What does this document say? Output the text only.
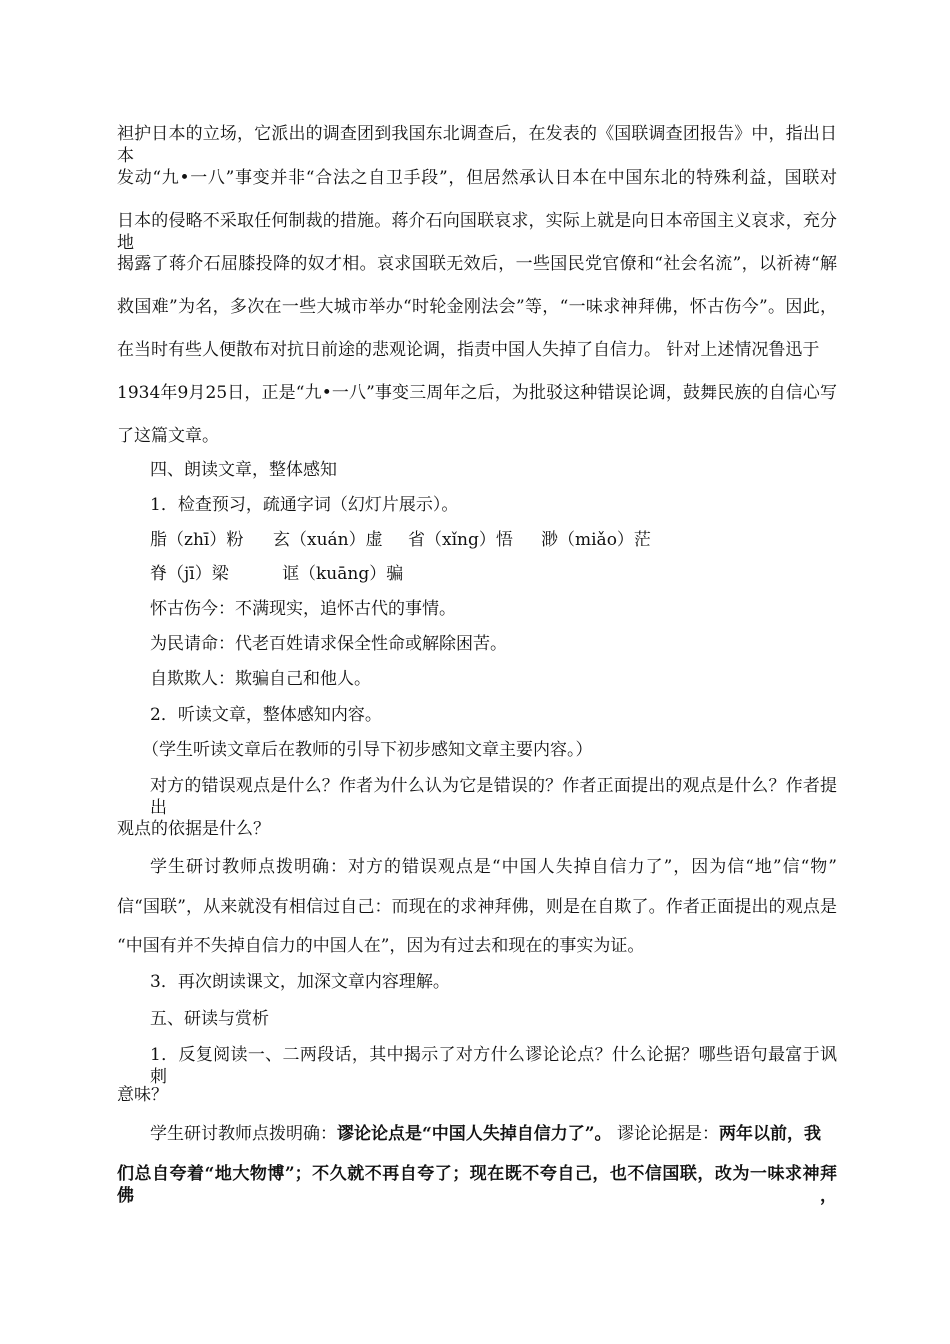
袒护日本的立场，它派出的调查团到我国东北调查后，在发表的《国联调查团报告》中，指出日本
发动“九•一八”事变并非“合法之自卫手段”，但居然承认日本在中国东北的特殊利益，国联对
日本的侵略不采取任何制裁的措施。蒋介石向国联哀求，实际上就是向日本帝国主义哀求，充分地
揭露了蒋介石屈膝投降的奴才相。哀求国联无效后，一些国民党官僚和“社会名流”，以祈祷“解
救国难”为名，多次在一些大城市举办“时轮金刚法会”等，“一味求神拜佛，怀古伤今”。因此，
在当时有些人便散布对抗日前途的悲观论调，指责中国人失掉了自信力。 针对上述情况鲁迅于
1934年9月25日，正是“九•一八”事变三周年之后，为批驳这种错误论调，鼓舞民族的自信心写
了这篇文章。
四、朗读文章，整体感知
1．检查预习，疏通字词（幻灯片展示）。
脂（zhī）粉 玄（xuán）虚 省（xǐng）悟 渺（miǎo）茫
脊（jī）梁	诓（kuāng）骗
怀古伤今：不满现实，追怀古代的事情。
为民请命：代老百姓请求保全性命或解除困苦。
自欺欺人：欺骗自己和他人。
2．听读文章，整体感知内容。
（学生听读文章后在教师的引导下初步感知文章主要内容。）
对方的错误观点是什么？作者为什么认为它是错误的？作者正面提出的观点是什么？作者提出
观点的依据是什么？
学生研讨教师点拨明确：对方的错误观点是“中国人失掉自信力了”，因为信“地”信“物”
信“国联”，从来就没有相信过自己：而现在的求神拜佛，则是在自欺了。作者正面提出的观点是
“中国有并不失掉自信力的中国人在”，因为有过去和现在的事实为证。
3．再次朗读课文，加深文章内容理解。
五、研读与赏析
1．反复阅读一、二两段话，其中揭示了对方什么谬论论点？什么论据？哪些语句最富于讽刺
意味？
学生研讨教师点拨明确：谬论论点是“中国人失掉自信力了”。 谬论论据是：两年以前，我
们总自夸着“地大物博”；不久就不再自夸了；现在既不夸自己，也不信国联，改为一味求神拜佛，
